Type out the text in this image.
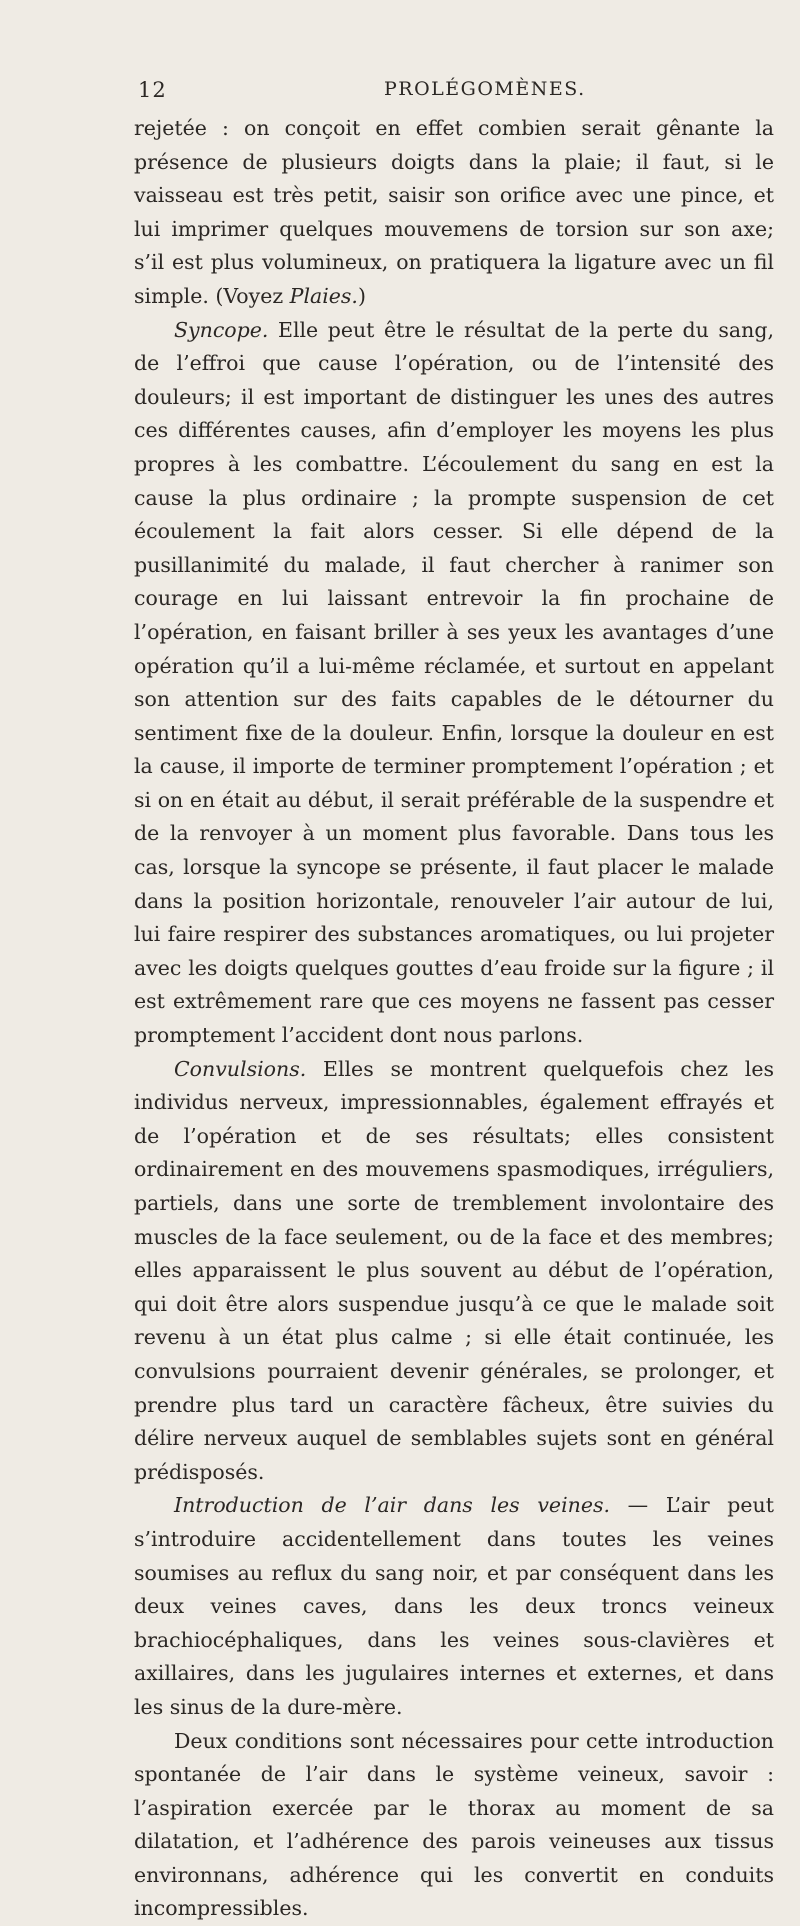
12	PROLÉGOMÈNES.

rejetée : on conçoit en effet combien serait gênante la présence de plusieurs doigts dans la plaie; il faut, si le vaisseau est très petit, saisir son orifice avec une pince, et lui imprimer quelques mouvemens de torsion sur son axe; s’il est plus volumineux, on pratiquera la ligature avec un fil simple. (Voyez Plaies.)

Syncope. Elle peut être le résultat de la perte du sang, de l’effroi que cause l’opération, ou de l’intensité des douleurs; il est important de distinguer les unes des autres ces différentes causes, afin d’employer les moyens les plus propres à les combattre. L’écoulement du sang en est la cause la plus ordinaire ; la prompte suspension de cet écoulement la fait alors cesser. Si elle dépend de la pusillanimité du malade, il faut chercher à ranimer son courage en lui laissant entrevoir la fin prochaine de l’opération, en faisant briller à ses yeux les avantages d’une opération qu’il a lui-même réclamée, et surtout en appelant son attention sur des faits capables de le détourner du sentiment fixe de la douleur. Enfin, lorsque la douleur en est la cause, il importe de terminer promptement l’opération ; et si on en était au début, il serait préférable de la suspendre et de la renvoyer à un moment plus favorable. Dans tous les cas, lorsque la syncope se présente, il faut placer le malade dans la position horizontale, renouveler l’air autour de lui, lui faire respirer des substances aromatiques, ou lui projeter avec les doigts quelques gouttes d’eau froide sur la figure ; il est extrêmement rare que ces moyens ne fassent pas cesser promptement l’accident dont nous parlons.

Convulsions. Elles se montrent quelquefois chez les individus nerveux, impressionnables, également effrayés et de l’opération et de ses résultats; elles consistent ordinairement en des mouvemens spasmodiques, irréguliers, partiels, dans une sorte de tremblement involontaire des muscles de la face seulement, ou de la face et des membres; elles apparaissent le plus souvent au début de l’opération, qui doit être alors suspendue jusqu’à ce que le malade soit revenu à un état plus calme ; si elle était continuée, les convulsions pourraient devenir générales, se prolonger, et prendre plus tard un caractère fâcheux, être suivies du délire nerveux auquel de semblables sujets sont en général prédisposés.

Introduction de l’air dans les veines. — L’air peut s’introduire accidentellement dans toutes les veines soumises au reflux du sang noir, et par conséquent dans les deux veines caves, dans les deux troncs veineux brachiocéphaliques, dans les veines sous-clavières et axillaires, dans les jugulaires internes et externes, et dans les sinus de la dure-mère.

Deux conditions sont nécessaires pour cette introduction spontanée de l’air dans le système veineux, savoir : l’aspiration exercée par le thorax au moment de sa dilatation, et l’adhérence des parois veineuses aux tissus environnans, adhérence qui les convertit en conduits incompressibles.
